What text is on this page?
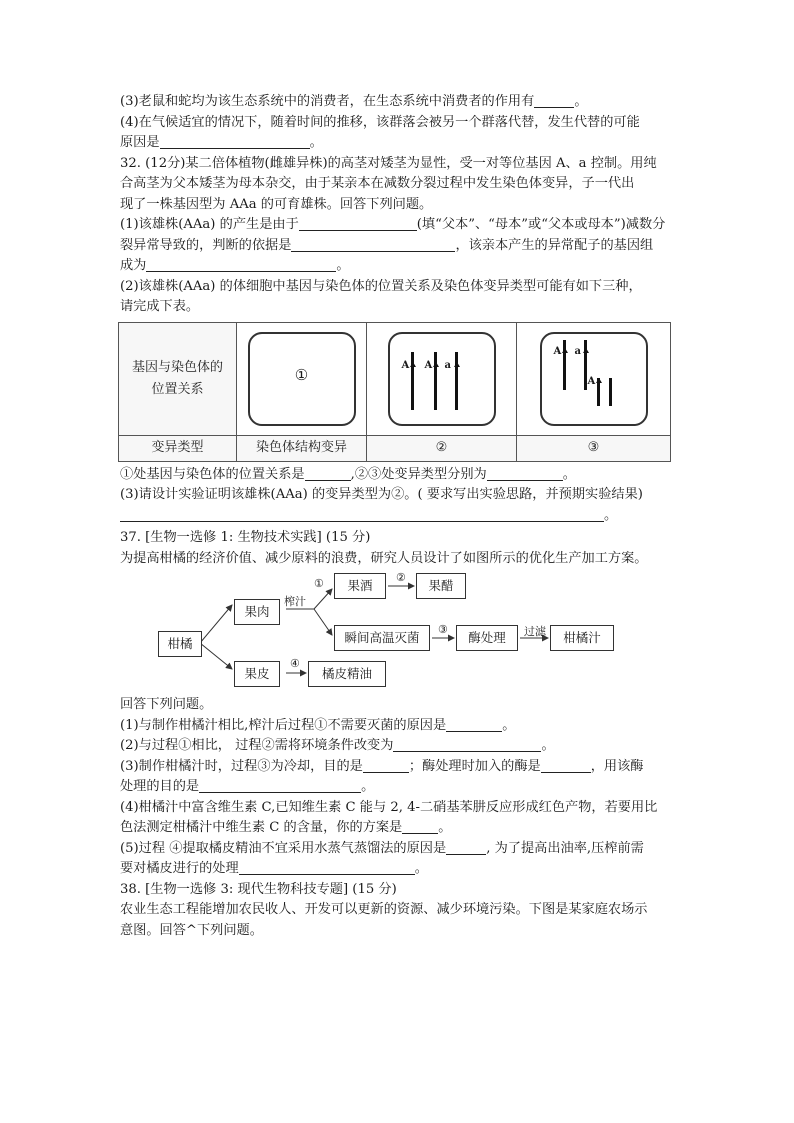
(3)老鼠和蛇均为该生态系统中的消费者，在生态系统中消费者的作用有	。
(4)在气候适宜的情况下，随着时间的推移，该群落会被另一个群落代替，发生代替的可能
原因是	。
32. (12分)某二倍体植物(雌雄异株)的高茎对矮茎为显性，受一对等位基因 A、a 控制。用纯
合高茎为父本矮茎为母本杂交，由于某亲本在减数分裂过程中发生染色体变异，子一代出
现了一株基因型为 AAa 的可育雄株。回答下列问题。
(1)该雄株(AAa) 的产生是由于	(填“父本”、“母本”或“父本或母本”)减数分
裂异常导致的，判断的依据是	，该亲本产生的异常配子的基因组
成为	。
(2)该雄株(AAa) 的体细胞中基因与染色体的位置关系及染色体变异类型可能有如下三种，
请完成下表。
基因与染色体的位置关系	①	A A a	A a
A

变异类型	染色体结构变异	②	③
①处基因与染色体的位置关系是	,②③处变异类型分别为	。
(3)请设计实验证明该雄株(AAa) 的变异类型为②。( 要求写出实验思路，并预期实验结果)
。
37. [生物一选修 1: 生物技术实践] (15 分)
为提高柑橘的经济价值、减少原料的浪费，研究人员设计了如图所示的优化生产加工方案。
柑橘
果肉
果皮
果酒	果醋
瞬间高温灭菌	酶处理	柑橘汁
橘皮精油
榨汁
①	②
③	过滤
④
回答下列问题。
(1)与制作柑橘汁相比,榨汁后过程①不需要灭菌的原因是	。
(2)与过程①相比， 过程②需将环境条件改变为	。
(3)制作柑橘汁时，过程③为冷却，目的是	；酶处理时加入的酶是	，用该酶
处理的目的是	。
(4)柑橘汁中富含维生素 C,已知维生素 C 能与 2, 4-二硝基苯肼反应形成红色产物，若要用比
色法测定柑橘汁中维生素 C 的含量，你的方案是	。
(5)过程 ④提取橘皮精油不宜采用水蒸气蒸馏法的原因是	, 为了提高出油率,压榨前需
要对橘皮进行的处理	。
38. [生物一选修 3: 现代生物科技专题] (15 分)
农业生态工程能增加农民收人、开发可以更新的资源、减少环境污染。下图是某家庭农场示
意图。回答^下列问题。
